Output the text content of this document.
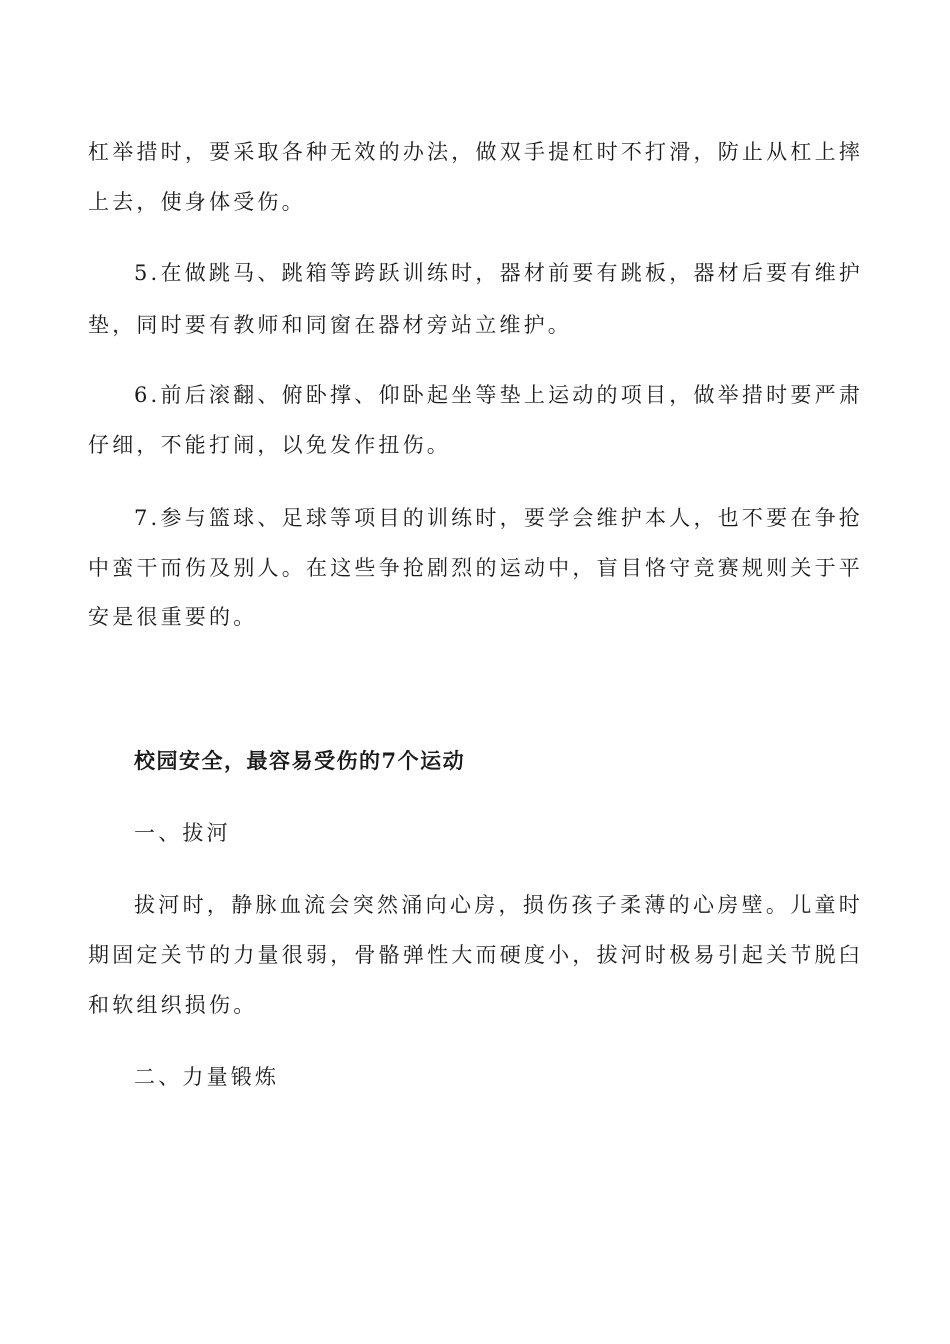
杠举措时，要采取各种无效的办法，做双手提杠时不打滑，防止从杠上摔
上去，使身体受伤。
5.在做跳马、跳箱等跨跃训练时，器材前要有跳板，器材后要有维护
垫，同时要有教师和同窗在器材旁站立维护。
6.前后滚翻、俯卧撑、仰卧起坐等垫上运动的项目，做举措时要严肃
仔细，不能打闹，以免发作扭伤。
7.参与篮球、足球等项目的训练时，要学会维护本人，也不要在争抢
中蛮干而伤及别人。在这些争抢剧烈的运动中，盲目恪守竞赛规则关于平
安是很重要的。
校园安全，最容易受伤的7个运动
一、拔河
拔河时，静脉血流会突然涌向心房，损伤孩子柔薄的心房壁。儿童时
期固定关节的力量很弱，骨骼弹性大而硬度小，拔河时极易引起关节脱臼
和软组织损伤。
二、力量锻炼
